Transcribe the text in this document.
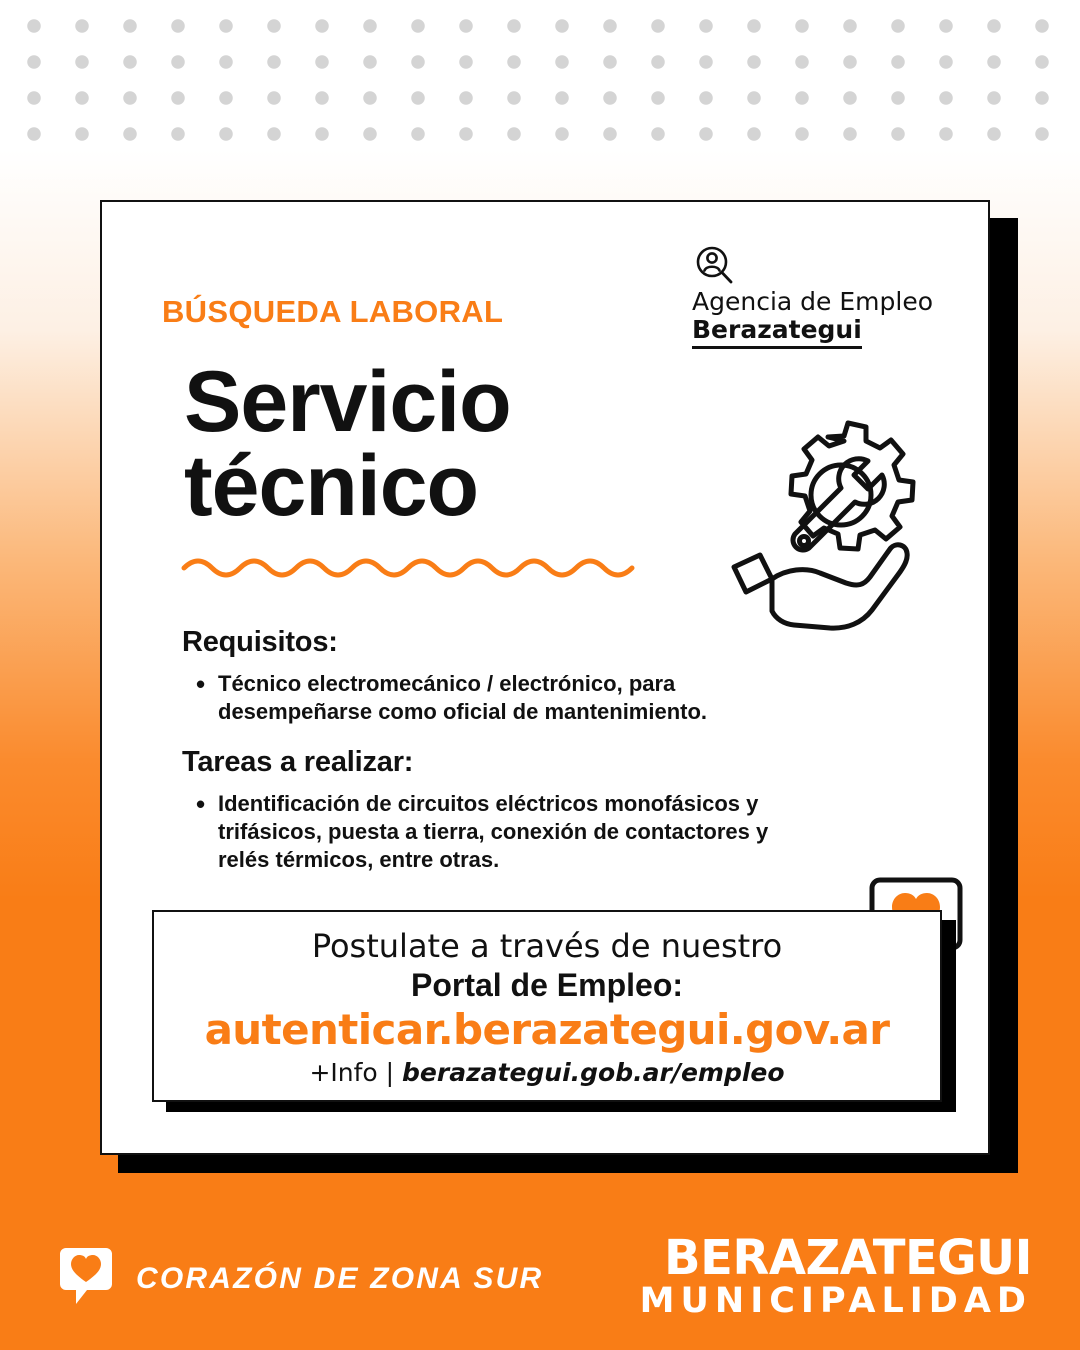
BÚSQUEDA LABORAL	Agencia de Empleo
Berazategui
Servicio
técnico
Requisitos:
• Técnico electromecánico / electrónico, para desempeñarse como oficial de mantenimiento.
Tareas a realizar:
• Identificación de circuitos eléctricos monofásicos y trifásicos, puesta a tierra, conexión de contactores y relés térmicos, entre otras.
Postulate a través de nuestro
Portal de Empleo:
autenticar.berazategui.gov.ar
+Info | berazategui.gob.ar/empleo
CORAZÓN DE ZONA SUR	BERAZATEGUI
MUNICIPALIDAD
